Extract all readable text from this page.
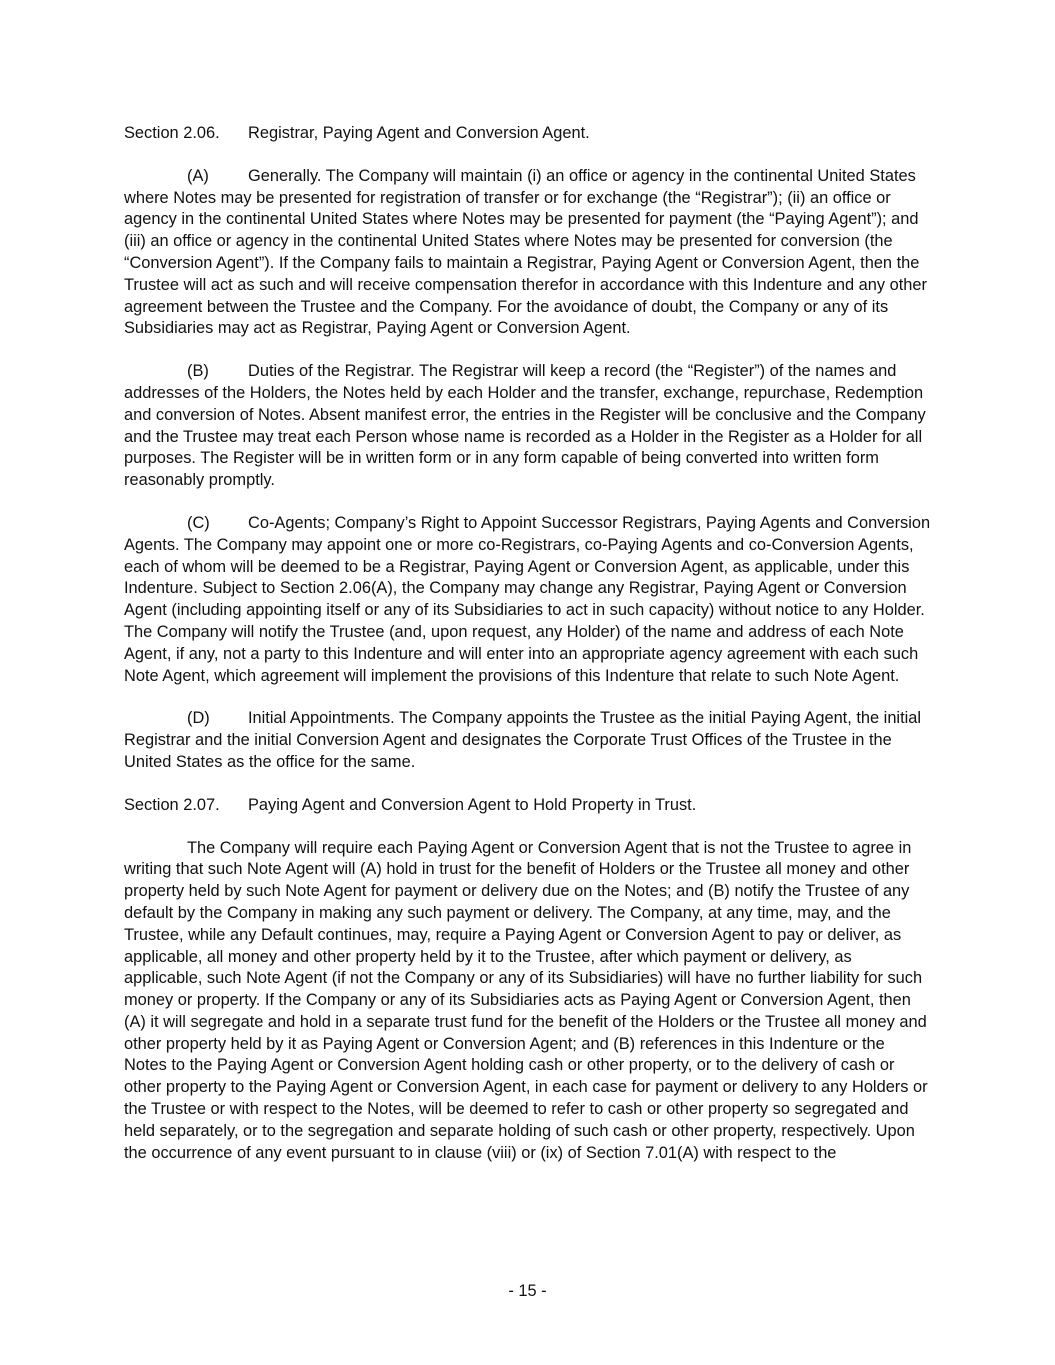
Section 2.06. Registrar, Paying Agent and Conversion Agent.

(A) Generally. The Company will maintain (i) an office or agency in the continental United States where Notes may be presented for registration of transfer or for exchange (the “Registrar”); (ii) an office or agency in the continental United States where Notes may be presented for payment (the “Paying Agent”); and (iii) an office or agency in the continental United States where Notes may be presented for conversion (the “Conversion Agent”). If the Company fails to maintain a Registrar, Paying Agent or Conversion Agent, then the Trustee will act as such and will receive compensation therefor in accordance with this Indenture and any other agreement between the Trustee and the Company. For the avoidance of doubt, the Company or any of its Subsidiaries may act as Registrar, Paying Agent or Conversion Agent.

(B) Duties of the Registrar. The Registrar will keep a record (the “Register”) of the names and addresses of the Holders, the Notes held by each Holder and the transfer, exchange, repurchase, Redemption and conversion of Notes. Absent manifest error, the entries in the Register will be conclusive and the Company and the Trustee may treat each Person whose name is recorded as a Holder in the Register as a Holder for all purposes. The Register will be in written form or in any form capable of being converted into written form reasonably promptly.

(C) Co-Agents; Company’s Right to Appoint Successor Registrars, Paying Agents and Conversion Agents. The Company may appoint one or more co-Registrars, co-Paying Agents and co-Conversion Agents, each of whom will be deemed to be a Registrar, Paying Agent or Conversion Agent, as applicable, under this Indenture. Subject to Section 2.06(A), the Company may change any Registrar, Paying Agent or Conversion Agent (including appointing itself or any of its Subsidiaries to act in such capacity) without notice to any Holder. The Company will notify the Trustee (and, upon request, any Holder) of the name and address of each Note Agent, if any, not a party to this Indenture and will enter into an appropriate agency agreement with each such Note Agent, which agreement will implement the provisions of this Indenture that relate to such Note Agent.

(D) Initial Appointments. The Company appoints the Trustee as the initial Paying Agent, the initial Registrar and the initial Conversion Agent and designates the Corporate Trust Offices of the Trustee in the United States as the office for the same.

Section 2.07. Paying Agent and Conversion Agent to Hold Property in Trust.

The Company will require each Paying Agent or Conversion Agent that is not the Trustee to agree in writing that such Note Agent will (A) hold in trust for the benefit of Holders or the Trustee all money and other property held by such Note Agent for payment or delivery due on the Notes; and (B) notify the Trustee of any default by the Company in making any such payment or delivery. The Company, at any time, may, and the Trustee, while any Default continues, may, require a Paying Agent or Conversion Agent to pay or deliver, as applicable, all money and other property held by it to the Trustee, after which payment or delivery, as applicable, such Note Agent (if not the Company or any of its Subsidiaries) will have no further liability for such money or property. If the Company or any of its Subsidiaries acts as Paying Agent or Conversion Agent, then (A) it will segregate and hold in a separate trust fund for the benefit of the Holders or the Trustee all money and other property held by it as Paying Agent or Conversion Agent; and (B) references in this Indenture or the Notes to the Paying Agent or Conversion Agent holding cash or other property, or to the delivery of cash or other property to the Paying Agent or Conversion Agent, in each case for payment or delivery to any Holders or the Trustee or with respect to the Notes, will be deemed to refer to cash or other property so segregated and held separately, or to the segregation and separate holding of such cash or other property, respectively. Upon the occurrence of any event pursuant to in clause (viii) or (ix) of Section 7.01(A) with respect to the

- 15 -
